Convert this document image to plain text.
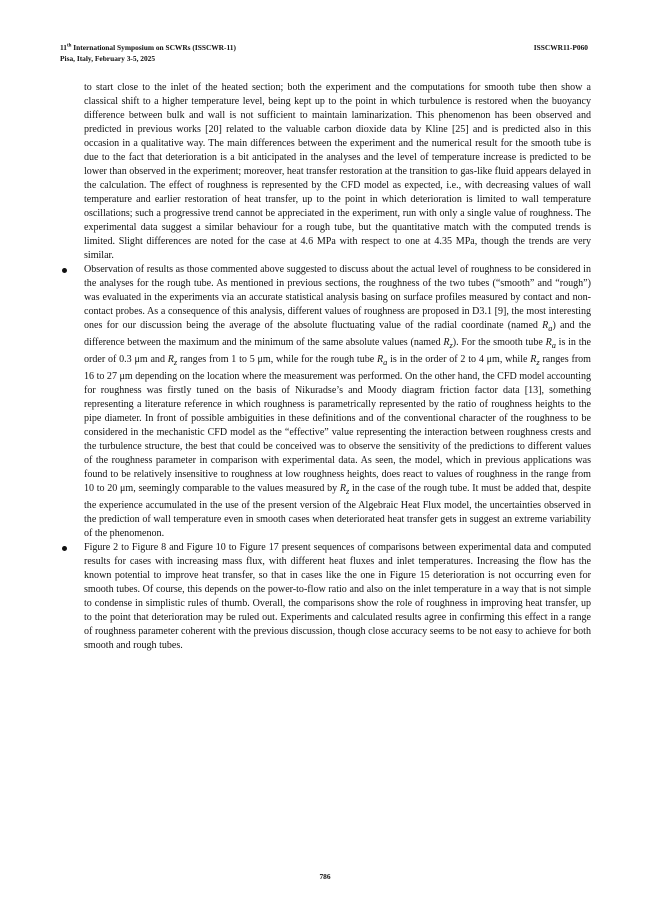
11th International Symposium on SCWRs (ISSCWR-11)
Pisa, Italy, February 3-5, 2025
ISSCWR11-P060

to start close to the inlet of the heated section; both the experiment and the computations for smooth tube then show a classical shift to a higher temperature level, being kept up to the point in which turbulence is restored when the buoyancy difference between bulk and wall is not sufficient to maintain laminarization. This phenomenon has been observed and predicted in previous works [20] related to the valuable carbon dioxide data by Kline [25] and is predicted also in this occasion in a qualitative way. The main differences between the experiment and the numerical result for the smooth tube is due to the fact that deterioration is a bit anticipated in the analyses and the level of temperature increase is predicted to be lower than observed in the experiment; moreover, heat transfer restoration at the transition to gas-like fluid appears delayed in the calculation. The effect of roughness is represented by the CFD model as expected, i.e., with decreasing values of wall temperature and earlier restoration of heat transfer, up to the point in which deterioration is limited to wall temperature oscillations; such a progressive trend cannot be appreciated in the experiment, run with only a single value of roughness. The experimental data suggest a similar behaviour for a rough tube, but the quantitative match with the computed trends is limited. Slight differences are noted for the case at 4.6 MPa with respect to one at 4.35 MPa, though the trends are very similar.

Observation of results as those commented above suggested to discuss about the actual level of roughness to be considered in the analyses for the rough tube. As mentioned in previous sections, the roughness of the two tubes (“smooth” and “rough”) was evaluated in the experiments via an accurate statistical analysis basing on surface profiles measured by contact and non-contact probes. As a consequence of this analysis, different values of roughness are proposed in D3.1 [9], the most interesting ones for our discussion being the average of the absolute fluctuating value of the radial coordinate (named $R_a$) and the difference between the maximum and the minimum of the same absolute values (named $R_z$). For the smooth tube $R_a$ is in the order of 0.3 μm and $R_z$ ranges from 1 to 5 μm, while for the rough tube $R_a$ is in the order of 2 to 4 μm, while $R_z$ ranges from 16 to 27 μm depending on the location where the measurement was performed. On the other hand, the CFD model accounting for roughness was firstly tuned on the basis of Nikuradse’s and Moody diagram friction factor data [13], something representing a literature reference in which roughness is parametrically represented by the ratio of roughness heights to the pipe diameter. In front of possible ambiguities in these definitions and of the conventional character of the roughness to be considered in the mechanistic CFD model as the “effective” value representing the interaction between roughness crests and the turbulence structure, the best that could be conceived was to observe the sensitivity of the predictions to different values of the roughness parameter in comparison with experimental data. As seen, the model, which in previous applications was found to be relatively insensitive to roughness at low roughness heights, does react to values of roughness in the range from 10 to 20 μm, seemingly comparable to the values measured by $R_z$ in the case of the rough tube. It must be added that, despite the experience accumulated in the use of the present version of the Algebraic Heat Flux model, the uncertainties observed in the prediction of wall temperature even in smooth cases when deteriorated heat transfer gets in suggest an extreme variability of the phenomenon.

Figure 2 to Figure 8 and Figure 10 to Figure 17 present sequences of comparisons between experimental data and computed results for cases with increasing mass flux, with different heat fluxes and inlet temperatures. Increasing the flow has the known potential to improve heat transfer, so that in cases like the one in Figure 15 deterioration is not occurring even for smooth tubes. Of course, this depends on the power-to-flow ratio and also on the inlet temperature in a way that is not simple to condense in simplistic rules of thumb. Overall, the comparisons show the role of roughness in improving heat transfer, up to the point that deterioration may be ruled out. Experiments and calculated results agree in confirming this effect in a range of roughness parameter coherent with the previous discussion, though close accuracy seems to be not easy to achieve for both smooth and rough tubes.

786
